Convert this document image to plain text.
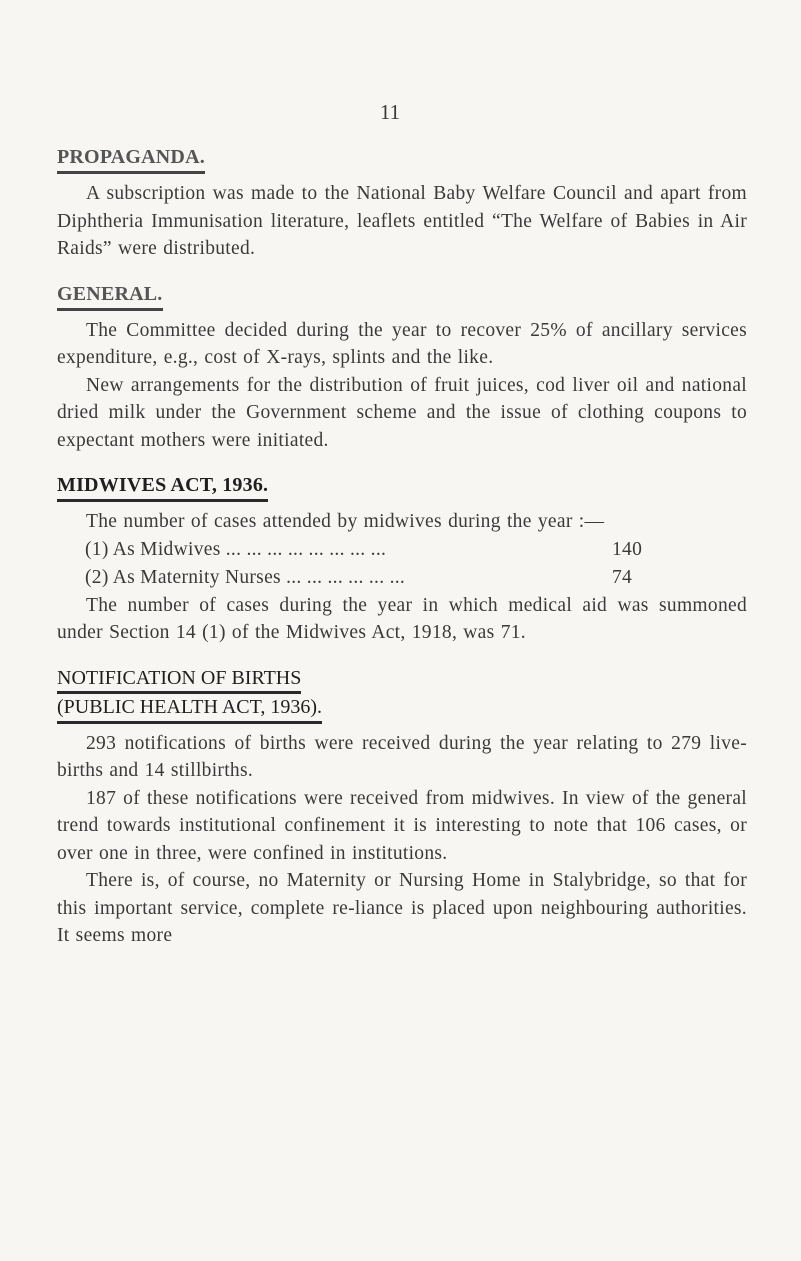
11
PROPAGANDA.

A subscription was made to the National Baby Welfare Council and apart from Diphtheria Immunisation literature, leaflets entitled “The Welfare of Babies in Air Raids” were distributed.

GENERAL.

The Committee decided during the year to recover 25% of ancillary services expenditure, e.g., cost of X-rays, splints and the like.

New arrangements for the distribution of fruit juices, cod liver oil and national dried milk under the Government scheme and the issue of clothing coupons to expectant mothers were initiated.

MIDWIVES ACT, 1936.

The number of cases attended by midwives during the year :—

(1) As Midwives ... ... ... ... ... ... ... ...	140
(2) As Maternity Nurses ... ... ... ... ... ...	74

The number of cases during the year in which medical aid was summoned under Section 14 (1) of the Midwives Act, 1918, was 71.

NOTIFICATION OF BIRTHS
(PUBLIC HEALTH ACT, 1936).

293 notifications of births were received during the year relating to 279 live-births and 14 stillbirths.

187 of these notifications were received from midwives. In view of the general trend towards institutional confinement it is interesting to note that 106 cases, or over one in three, were confined in institutions.

There is, of course, no Maternity or Nursing Home in Stalybridge, so that for this important service, complete re-liance is placed upon neighbouring authorities. It seems more
